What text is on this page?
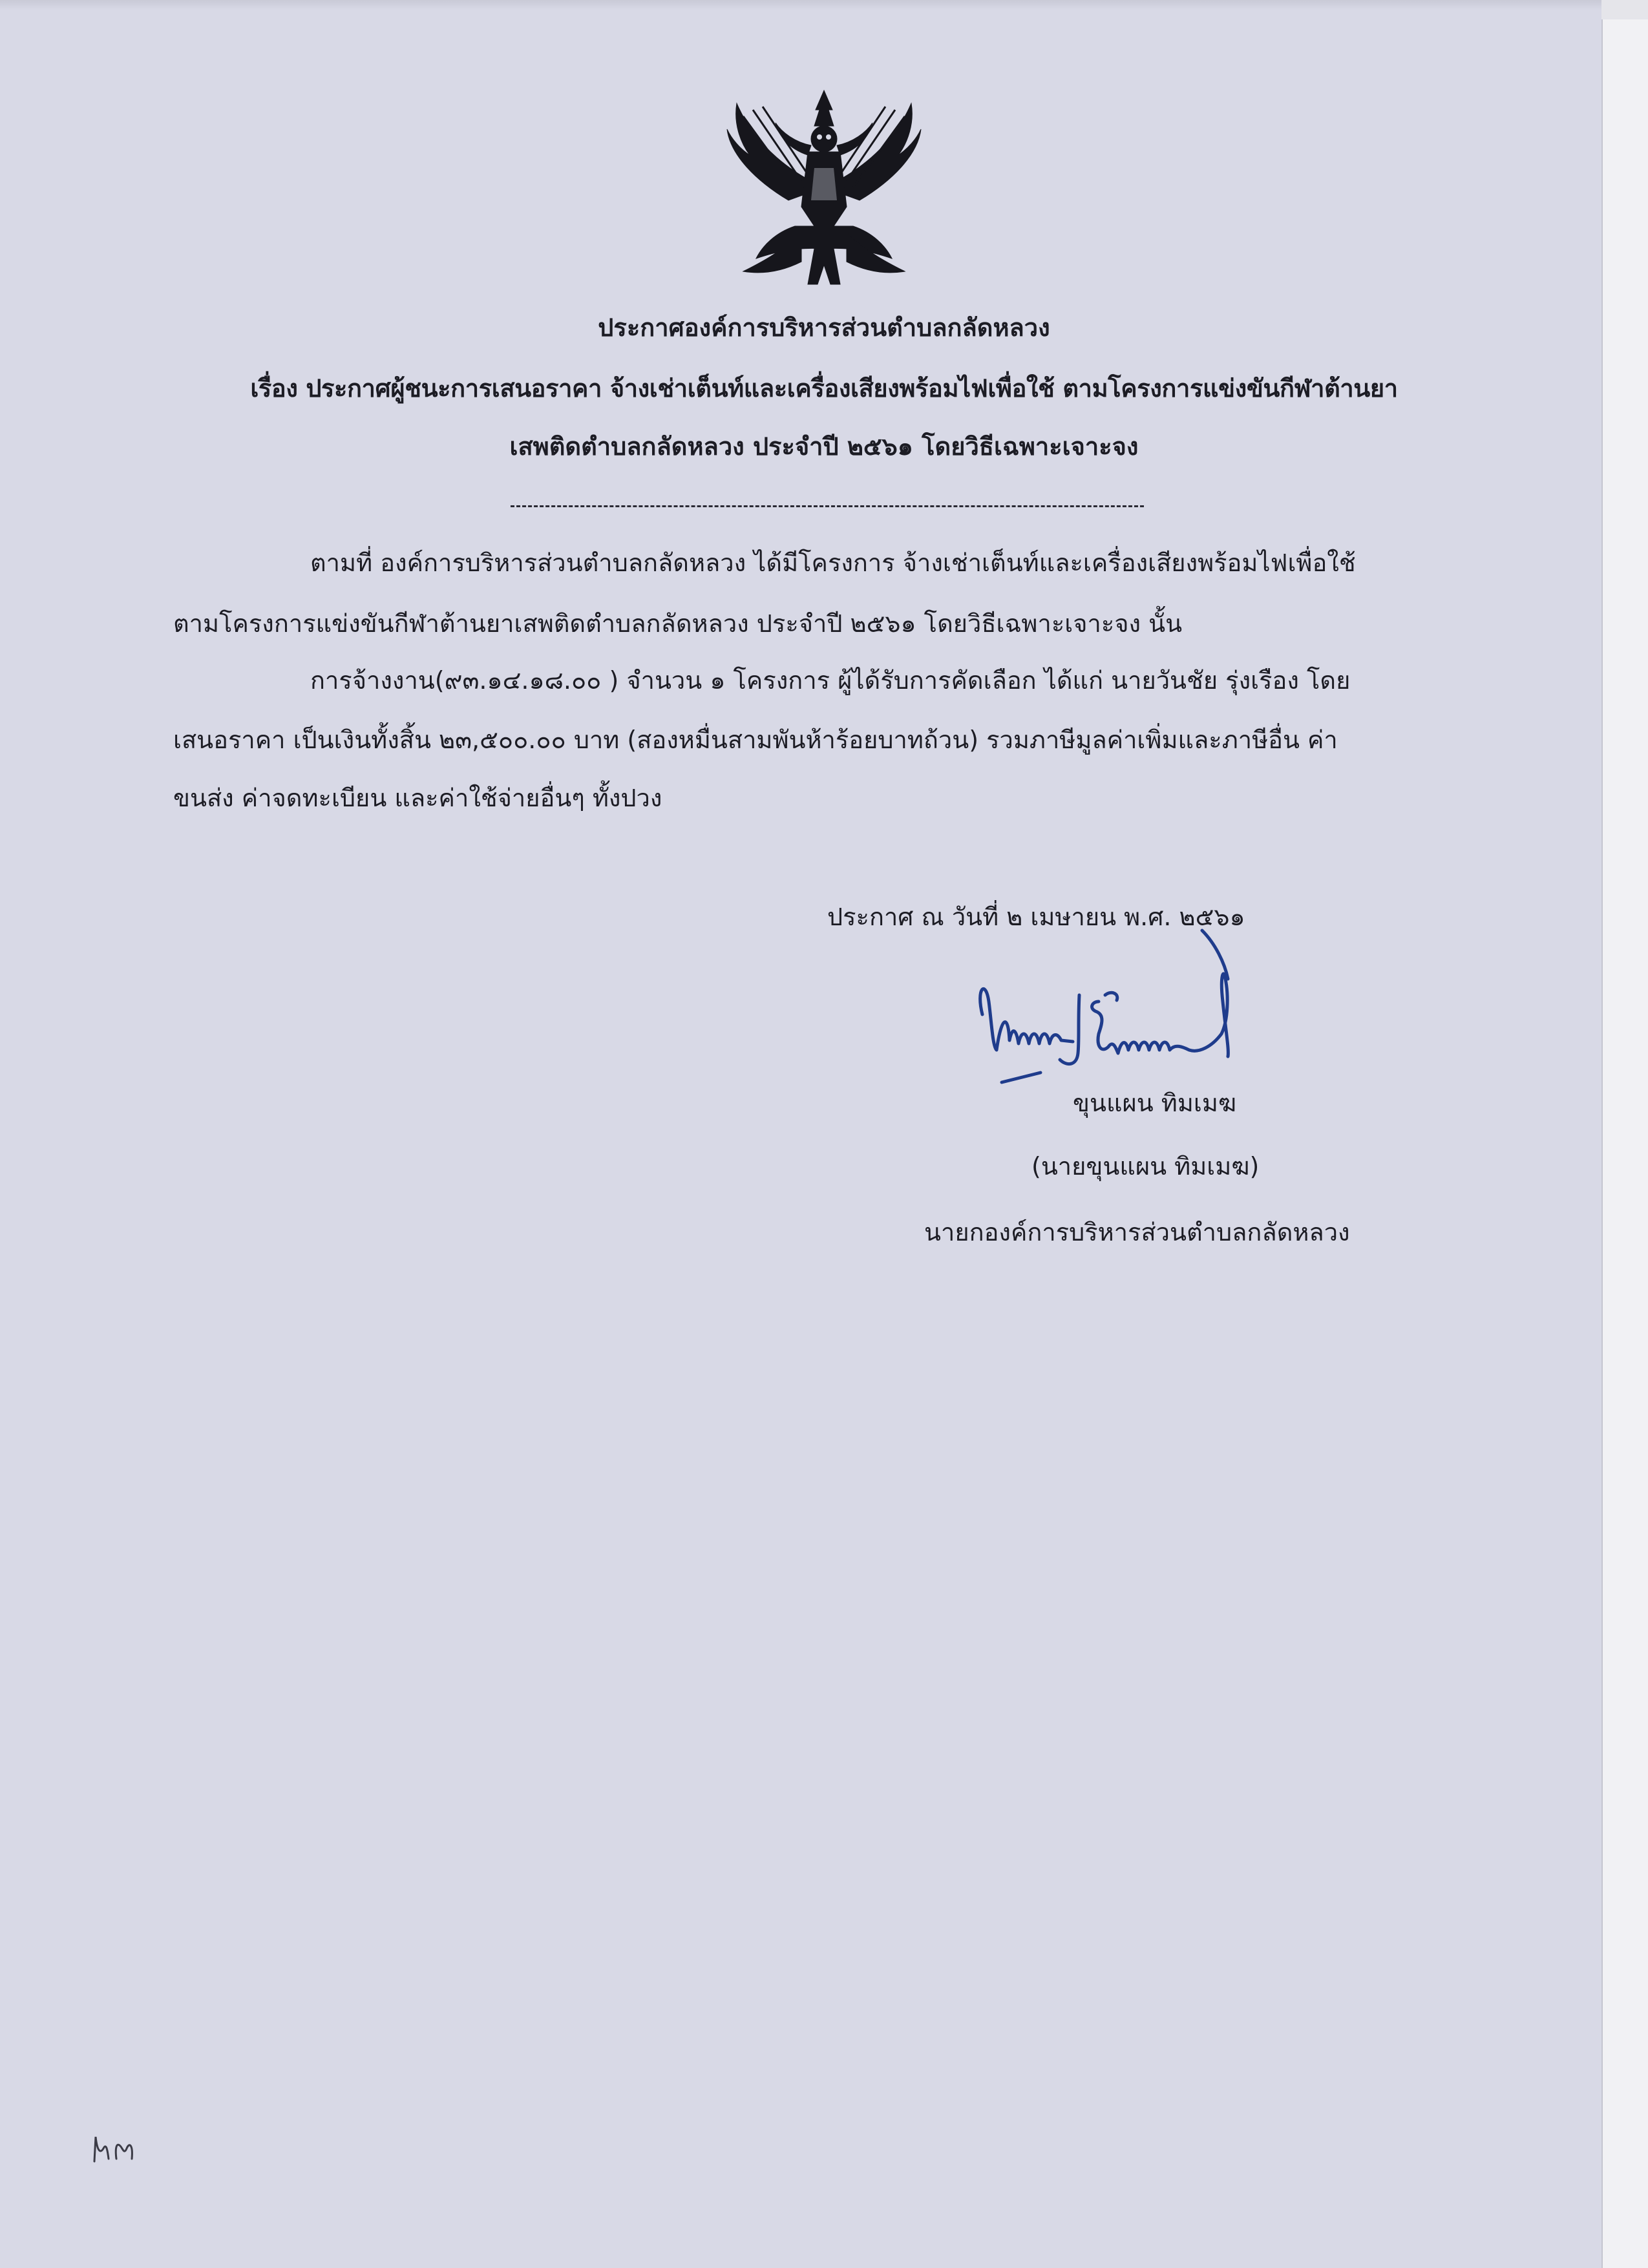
ประกาศองค์การบริหารส่วนตำบลกลัดหลวง
เรื่อง ประกาศผู้ชนะการเสนอราคา จ้างเช่าเต็นท์และเครื่องเสียงพร้อมไฟเพื่อใช้ ตามโครงการแข่งขันกีฬาต้านยา
เสพติดตำบลกลัดหลวง ประจำปี ๒๕๖๑ โดยวิธีเฉพาะเจาะจง
ตามที่ องค์การบริหารส่วนตำบลกลัดหลวง ได้มีโครงการ จ้างเช่าเต็นท์และเครื่องเสียงพร้อมไฟเพื่อใช้
ตามโครงการแข่งขันกีฬาต้านยาเสพติดตำบลกลัดหลวง ประจำปี ๒๕๖๑ โดยวิธีเฉพาะเจาะจง นั้น
การจ้างงาน(๙๓.๑๔.๑๘.๐๐ ) จำนวน ๑ โครงการ ผู้ได้รับการคัดเลือก ได้แก่ นายวันชัย รุ่งเรือง โดย
เสนอราคา เป็นเงินทั้งสิ้น ๒๓,๕๐๐.๐๐ บาท (สองหมื่นสามพันห้าร้อยบาทถ้วน) รวมภาษีมูลค่าเพิ่มและภาษีอื่น ค่า
ขนส่ง ค่าจดทะเบียน และค่าใช้จ่ายอื่นๆ ทั้งปวง
ประกาศ ณ วันที่ ๒ เมษายน พ.ศ. ๒๕๖๑
ขุนแผน ทิมเมฆ
(นายขุนแผน ทิมเมฆ)
นายกองค์การบริหารส่วนตำบลกลัดหลวง
